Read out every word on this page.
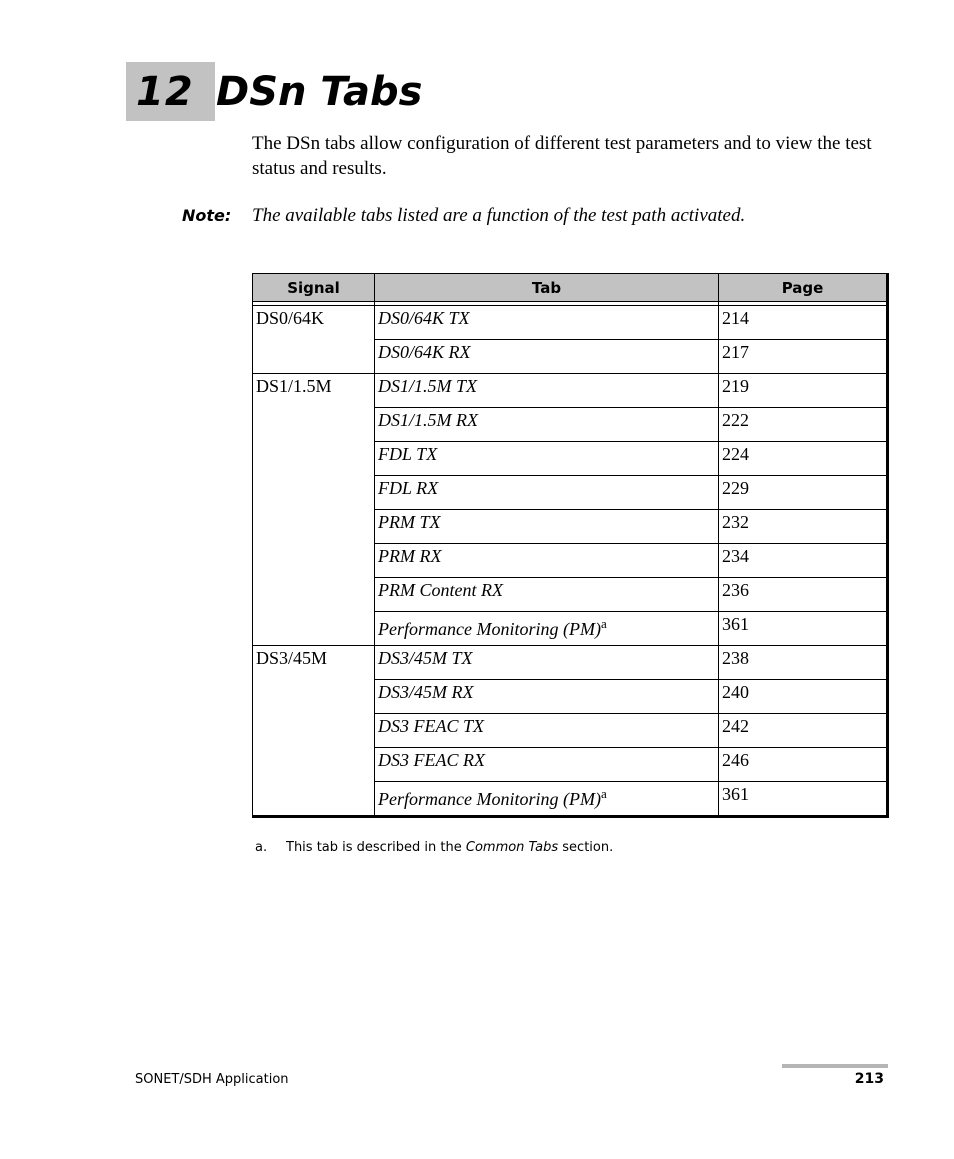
12 DSn Tabs

The DSn tabs allow configuration of different test parameters and to view the test status and results.

Note: The available tabs listed are a function of the test path activated.
Signal	Tab	Page

DS0/64K	DS0/64K TX	214
	DS0/64K RX	217
DS1/1.5M	DS1/1.5M TX	219
	DS1/1.5M RX	222
	FDL TX	224
	FDL RX	229
	PRM TX	232
	PRM RX	234
	PRM Content RX	236
	Performance Monitoring (PM)$^a$	361
DS3/45M	DS3/45M TX	238
	DS3/45M RX	240
	DS3 FEAC TX	242
	DS3 FEAC RX	246
	Performance Monitoring (PM)$^a$	361
a. This tab is described in the Common Tabs section.
SONET/SDH Application	213
